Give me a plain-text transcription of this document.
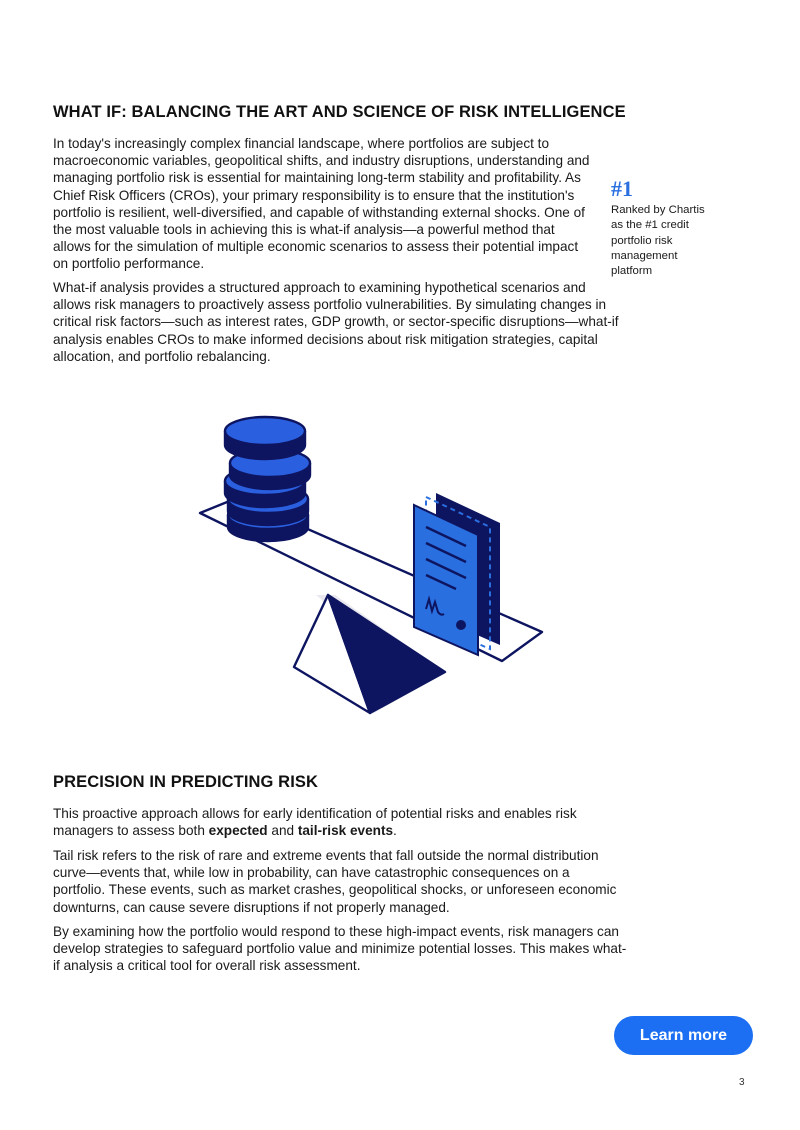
WHAT IF: BALANCING THE ART AND SCIENCE OF RISK INTELLIGENCE

In today's increasingly complex financial landscape, where portfolios are subject to macroeconomic variables, geopolitical shifts, and industry disruptions, understanding and managing portfolio risk is essential for maintaining long-term stability and profitability. As Chief Risk Officers (CROs), your primary responsibility is to ensure that the institution's portfolio is resilient, well-diversified, and capable of withstanding external shocks. One of the most valuable tools in achieving this is what-if analysis—a powerful method that allows for the simulation of multiple economic scenarios to assess their potential impact on portfolio performance.

#1
Ranked by Chartis as the #1 credit portfolio risk management platform

What-if analysis provides a structured approach to examining hypothetical scenarios and allows risk managers to proactively assess portfolio vulnerabilities. By simulating changes in critical risk factors—such as interest rates, GDP growth, or sector-specific disruptions—what-if analysis enables CROs to make informed decisions about risk mitigation strategies, capital allocation, and portfolio rebalancing.

PRECISION IN PREDICTING RISK

This proactive approach allows for early identification of potential risks and enables risk managers to assess both expected and tail-risk events.

Tail risk refers to the risk of rare and extreme events that fall outside the normal distribution curve—events that, while low in probability, can have catastrophic consequences on a portfolio. These events, such as market crashes, geopolitical shocks, or unforeseen economic downturns, can cause severe disruptions if not properly managed.

By examining how the portfolio would respond to these high-impact events, risk managers can develop strategies to safeguard portfolio value and minimize potential losses. This makes what-if analysis a critical tool for overall risk assessment.

Learn more
3
